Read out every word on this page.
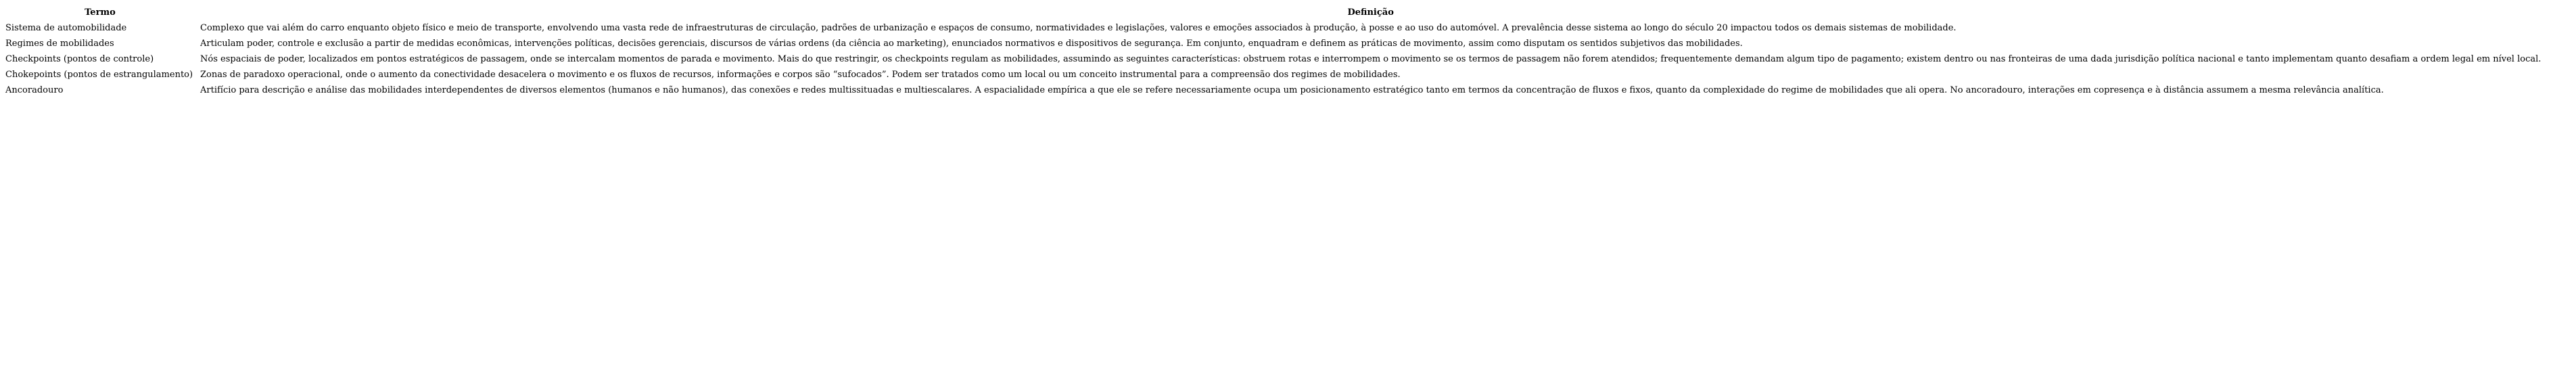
Termo	Definição
Sistema de automobilidade	Complexo que vai além do carro enquanto objeto físico e meio de transporte, envolvendo uma vasta rede de infraestruturas de circulação, padrões de urbanização e espaços de consumo, normatividades e legislações, valores e emoções associados à produção, à posse e ao uso do automóvel. A prevalência desse sistema ao longo do século 20 impactou todos os demais sistemas de mobilidade.
Regimes de mobilidades	Articulam poder, controle e exclusão a partir de medidas econômicas, intervenções políticas, decisões gerenciais, discursos de várias ordens (da ciência ao marketing), enunciados normativos e dispositivos de segurança. Em conjunto, enquadram e definem as práticas de movimento, assim como disputam os sentidos subjetivos das mobilidades.
Checkpoints (pontos de controle)	Nós espaciais de poder, localizados em pontos estratégicos de passagem, onde se intercalam momentos de parada e movimento. Mais do que restringir, os checkpoints regulam as mobilidades, assumindo as seguintes características: obstruem rotas e interrompem o movimento se os termos de passagem não forem atendidos; frequentemente demandam algum tipo de pagamento; existem dentro ou nas fronteiras de uma dada jurisdição política nacional e tanto implementam quanto desafiam a ordem legal em nível local.
Chokepoints (pontos de estrangulamento)	Zonas de paradoxo operacional, onde o aumento da conectividade desacelera o movimento e os fluxos de recursos, informações e corpos são “sufocados”. Podem ser tratados como um local ou um conceito instrumental para a compreensão dos regimes de mobilidades.
Ancoradouro	Artifício para descrição e análise das mobilidades interdependentes de diversos elementos (humanos e não humanos), das conexões e redes multissituadas e multiescalares. A espacialidade empírica a que ele se refere necessariamente ocupa um posicionamento estratégico tanto em termos da concentração de fluxos e fixos, quanto da complexidade do regime de mobilidades que ali opera. No ancoradouro, interações em copresença e à distância assumem a mesma relevância analítica.
